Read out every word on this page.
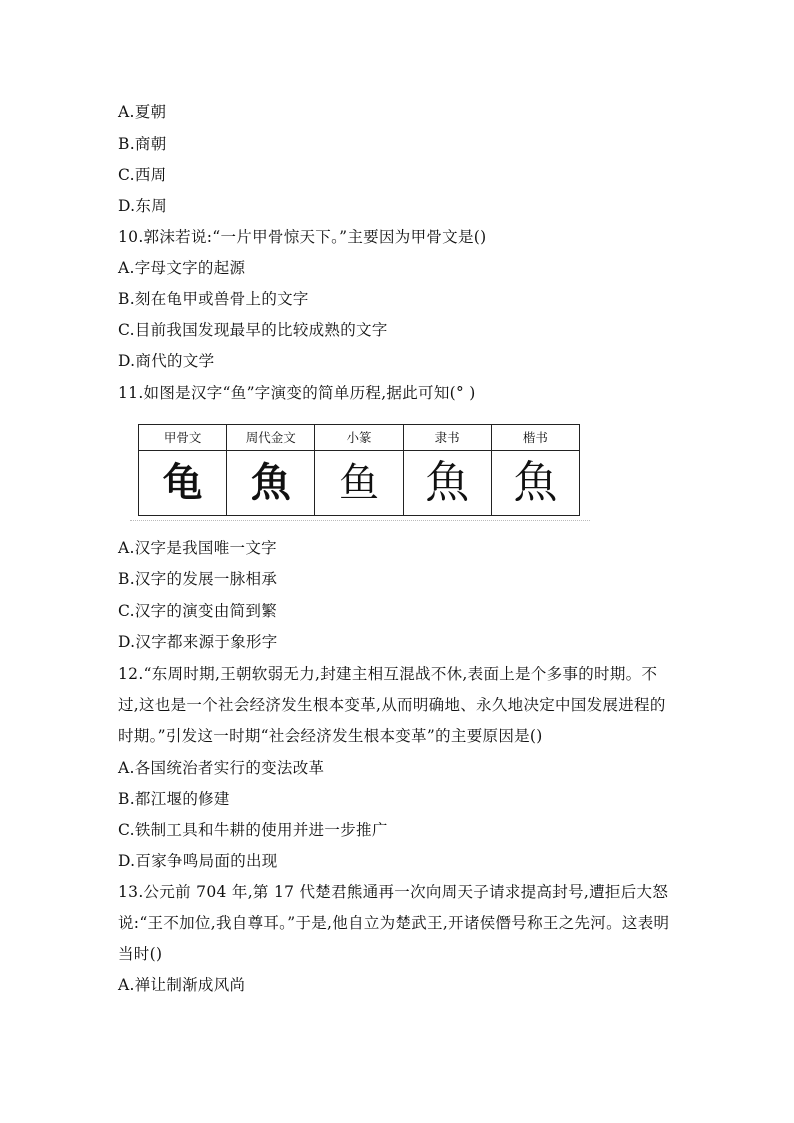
A.夏朝
B.商朝
C.西周
D.东周
10.郭沫若说:“一片甲骨惊天下。”主要因为甲骨文是()
A.字母文字的起源
B.刻在龟甲或兽骨上的文字
C.目前我国发现最早的比较成熟的文字
D.商代的文学
11.如图是汉字“鱼”字演变的简单历程,据此可知(° )
甲骨文	周代金文	小篆	隶书	楷书
龟	魚	鱼	魚	魚
A.汉字是我国唯一文字
B.汉字的发展一脉相承
C.汉字的演变由简到繁
D.汉字都来源于象形字
12.“东周时期,王朝软弱无力,封建主相互混战不休,表面上是个多事的时期。不过,这也是一个社会经济发生根本变革,从而明确地、永久地决定中国发展进程的时期。”引发这一时期“社会经济发生根本变革”的主要原因是()
A.各国统治者实行的变法改革
B.都江堰的修建
C.铁制工具和牛耕的使用并进一步推广
D.百家争鸣局面的出现
13.公元前 704 年,第 17 代楚君熊通再一次向周天子请求提高封号,遭拒后大怒说:“王不加位,我自尊耳。”于是,他自立为楚武王,开诸侯僭号称王之先河。这表明当时()
A.禅让制渐成风尚
